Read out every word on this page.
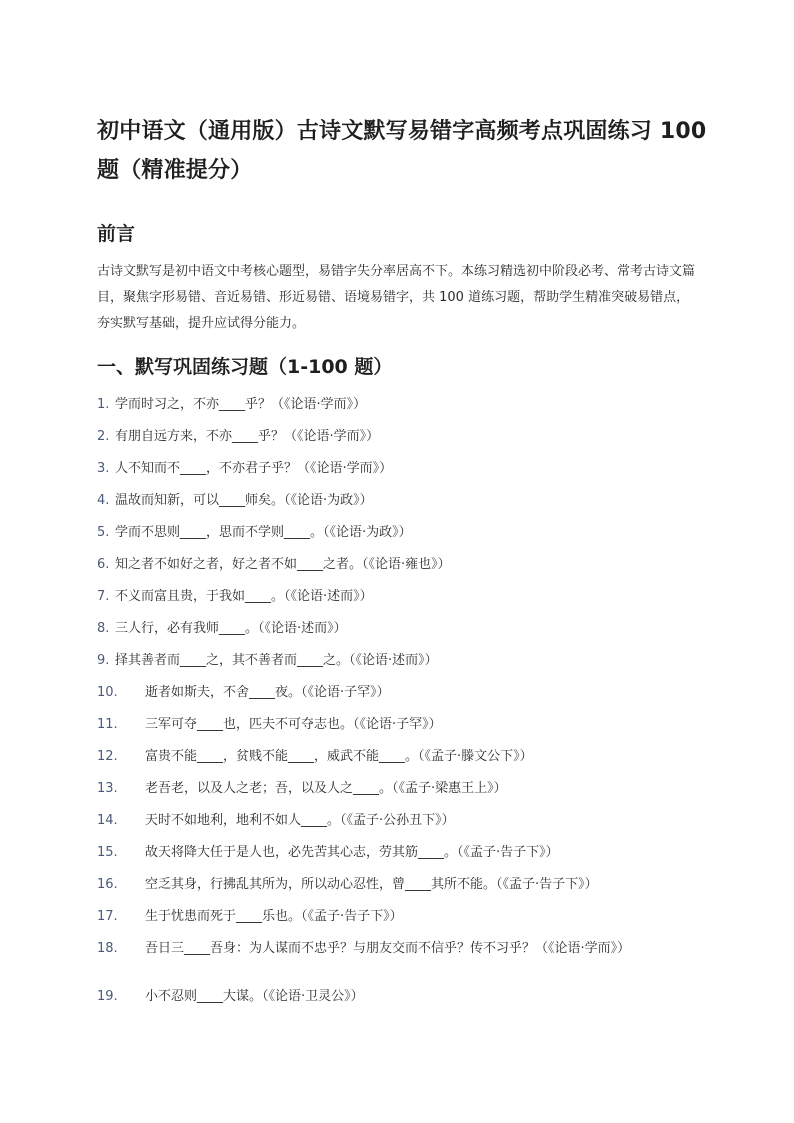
初中语文（通用版）古诗文默写易错字高频考点巩固练习 100 题（精准提分）
前言

古诗文默写是初中语文中考核心题型，易错字失分率居高不下。本练习精选初中阶段必考、常考古诗文篇目，聚焦字形易错、音近易错、形近易错、语境易错字，共 100 道练习题，帮助学生精准突破易错点，夯实默写基础，提升应试得分能力。

一、默写巩固练习题（1-100 题）
1. 学而时习之，不亦____乎？（《论语·学而》）
2. 有朋自远方来，不亦____乎？（《论语·学而》）
3. 人不知而不____，不亦君子乎？（《论语·学而》）
4. 温故而知新，可以____师矣。（《论语·为政》）
5. 学而不思则____，思而不学则____。（《论语·为政》）
6. 知之者不如好之者，好之者不如____之者。（《论语·雍也》）
7. 不义而富且贵，于我如____。（《论语·述而》）
8. 三人行，必有我师____。（《论语·述而》）
9. 择其善者而____之，其不善者而____之。（《论语·述而》）
10.	逝者如斯夫，不舍____夜。（《论语·子罕》）
11.	三军可夺____也，匹夫不可夺志也。（《论语·子罕》）
12.	富贵不能____，贫贱不能____，威武不能____。（《孟子·滕文公下》）
13.	老吾老，以及人之老；吾，以及人之____。（《孟子·梁惠王上》）
14.	天时不如地利，地利不如人____。（《孟子·公孙丑下》）
15.	故天将降大任于是人也，必先苦其心志，劳其筋____。（《孟子·告子下》）
16.	空乏其身，行拂乱其所为，所以动心忍性，曾____其所不能。（《孟子·告子下》）
17.	生于忧患而死于____乐也。（《孟子·告子下》）
18.	吾日三____吾身：为人谋而不忠乎？与朋友交而不信乎？传不习乎？（《论语·学而》）
19.	小不忍则____大谋。（《论语·卫灵公》）
